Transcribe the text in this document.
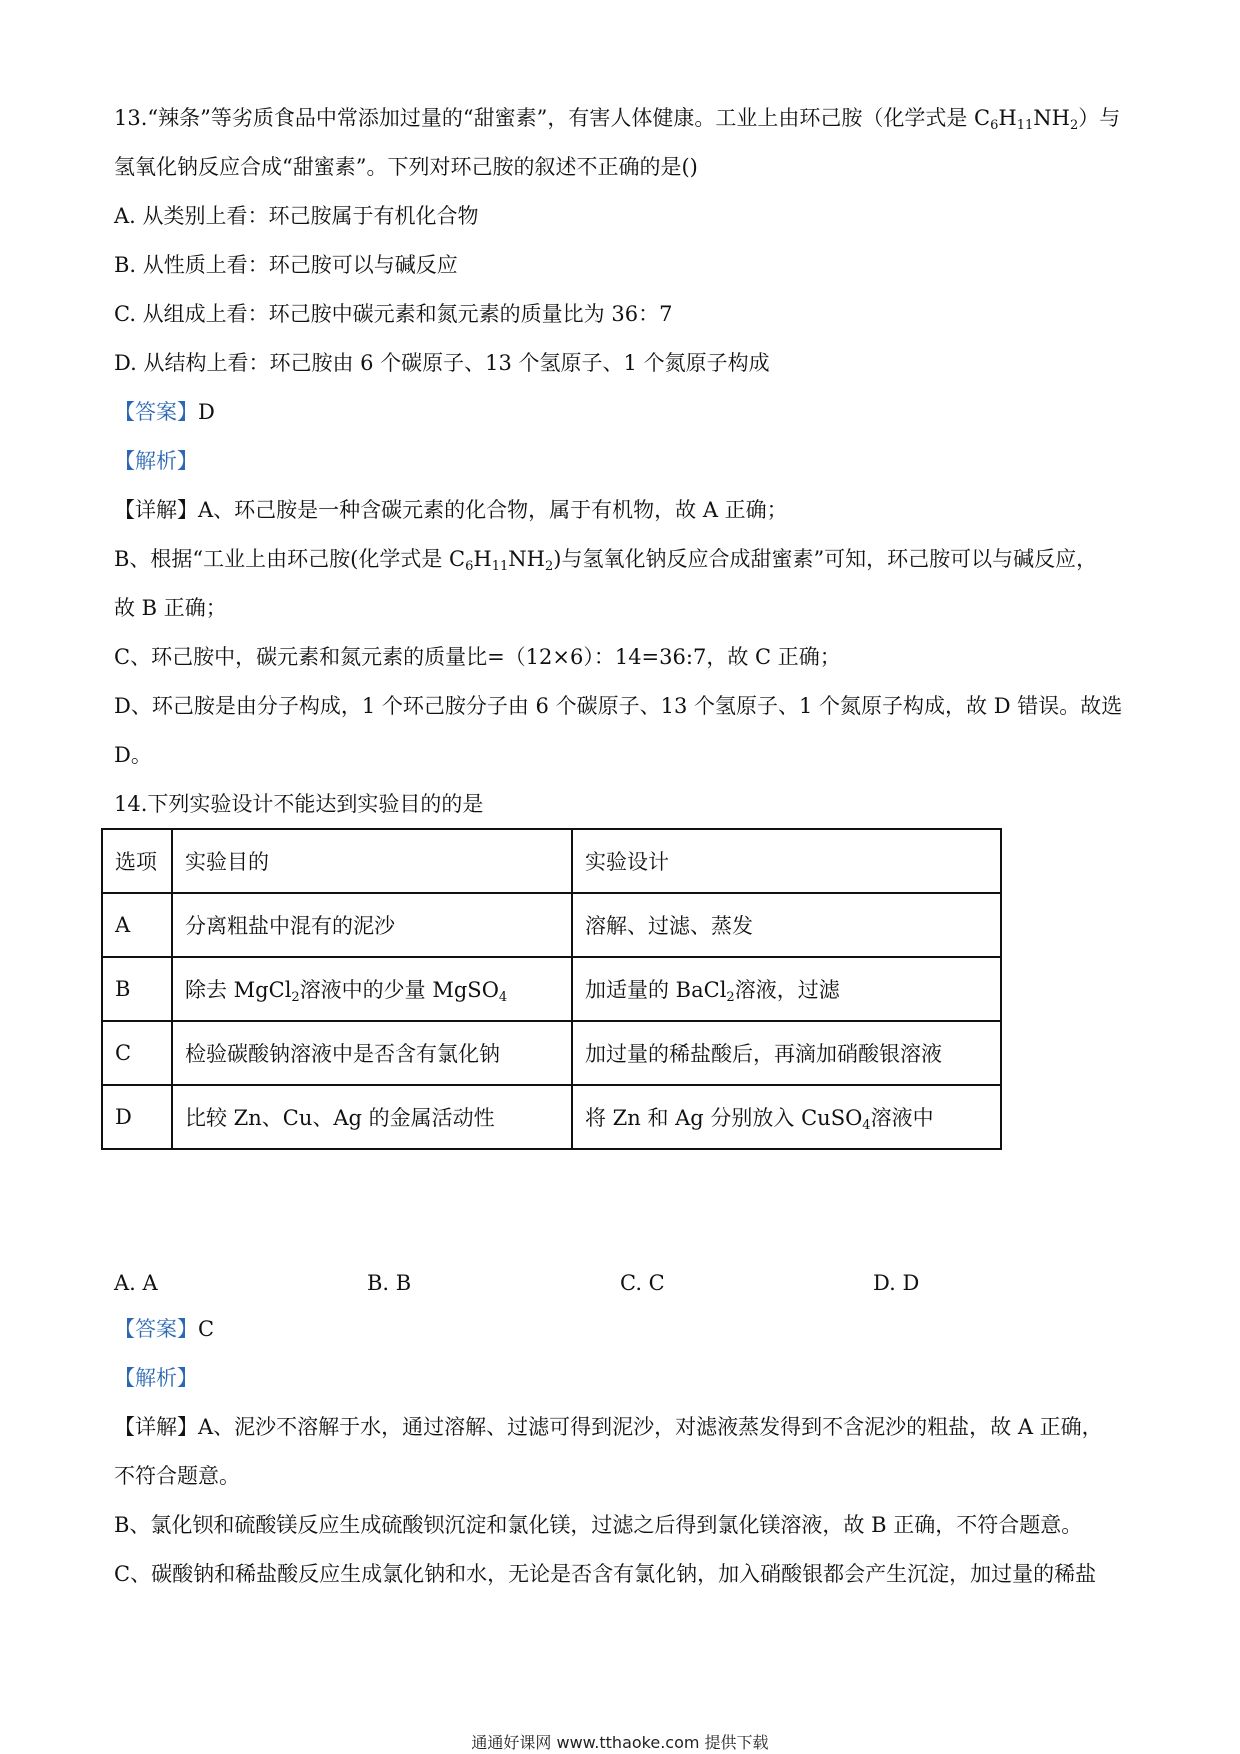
13.“辣条”等劣质食品中常添加过量的“甜蜜素”，有害人体健康。工业上由环己胺（化学式是 $C_6H_{11}NH_2$）与
氢氧化钠反应合成“甜蜜素”。下列对环己胺的叙述不正确的是()
A. 从类别上看：环己胺属于有机化合物
B. 从性质上看：环己胺可以与碱反应
C. 从组成上看：环己胺中碳元素和氮元素的质量比为 36：7
D. 从结构上看：环己胺由 6 个碳原子、13 个氢原子、1 个氮原子构成
【答案】D
【解析】
【详解】A、环己胺是一种含碳元素的化合物，属于有机物，故 A 正确；
B、根据“工业上由环己胺(化学式是 $C_6H_{11}NH_2$)与氢氧化钠反应合成甜蜜素”可知，环己胺可以与碱反应，
故 B 正确；
C、环己胺中，碳元素和氮元素的质量比=（12×6）：14=36:7，故 C 正确；
D、环己胺是由分子构成，1 个环己胺分子由 6 个碳原子、13 个氢原子、1 个氮原子构成，故 D 错误。故选
D。
14.下列实验设计不能达到实验目的的是
选项	实验目的	实验设计
A	分离粗盐中混有的泥沙	溶解、过滤、蒸发
B	除去 MgCl$_2$溶液中的少量 MgSO$_4$	加适量的 BaCl$_2$溶液，过滤
C	检验碳酸钠溶液中是否含有氯化钠	加过量的稀盐酸后，再滴加硝酸银溶液
D	比较 Zn、Cu、Ag 的金属活动性	将 Zn 和 Ag 分别放入 CuSO$_4$溶液中
A. A	B. B	C. C	D. D
【答案】C
【解析】
【详解】A、泥沙不溶解于水，通过溶解、过滤可得到泥沙，对滤液蒸发得到不含泥沙的粗盐，故 A 正确，
不符合题意。
B、氯化钡和硫酸镁反应生成硫酸钡沉淀和氯化镁，过滤之后得到氯化镁溶液，故 B 正确，不符合题意。
C、碳酸钠和稀盐酸反应生成氯化钠和水，无论是否含有氯化钠，加入硝酸银都会产生沉淀，加过量的稀盐
通通好课网 www.tthaoke.com 提供下载
